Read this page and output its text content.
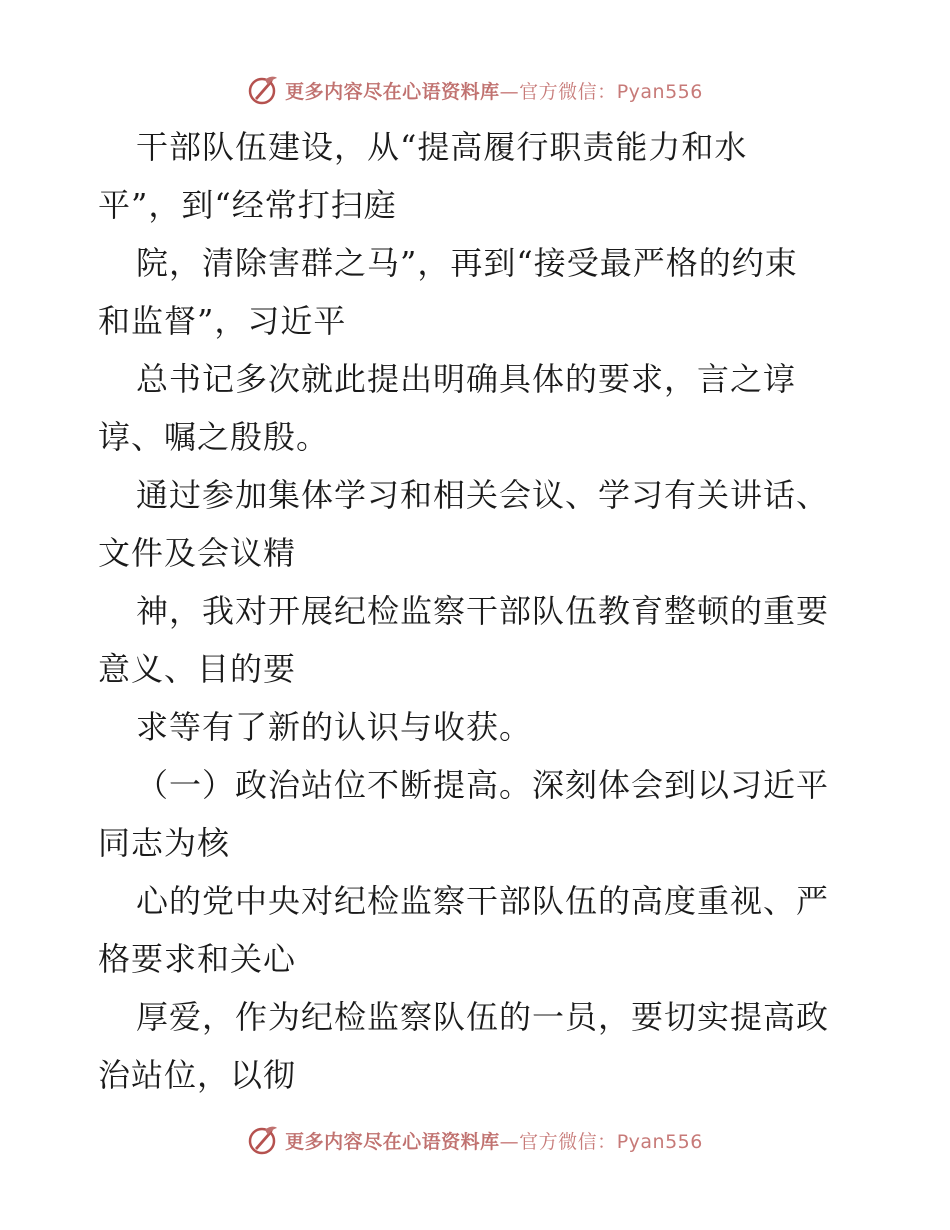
更多内容尽在心语资料库—官方微信：Pyan556
干部队伍建设，从“提高履行职责能力和水
平”，到“经常打扫庭
院，清除害群之马”，再到“接受最严格的约束
和监督”，习近平
总书记多次就此提出明确具体的要求，言之谆
谆、嘱之殷殷。
通过参加集体学习和相关会议、学习有关讲话、
文件及会议精
神，我对开展纪检监察干部队伍教育整顿的重要
意义、目的要
求等有了新的认识与收获。
（一）政治站位不断提高。深刻体会到以习近平
同志为核
心的党中央对纪检监察干部队伍的高度重视、严
格要求和关心
厚爱，作为纪检监察队伍的一员，要切实提高政
治站位，以彻
更多内容尽在心语资料库—官方微信：Pyan556
